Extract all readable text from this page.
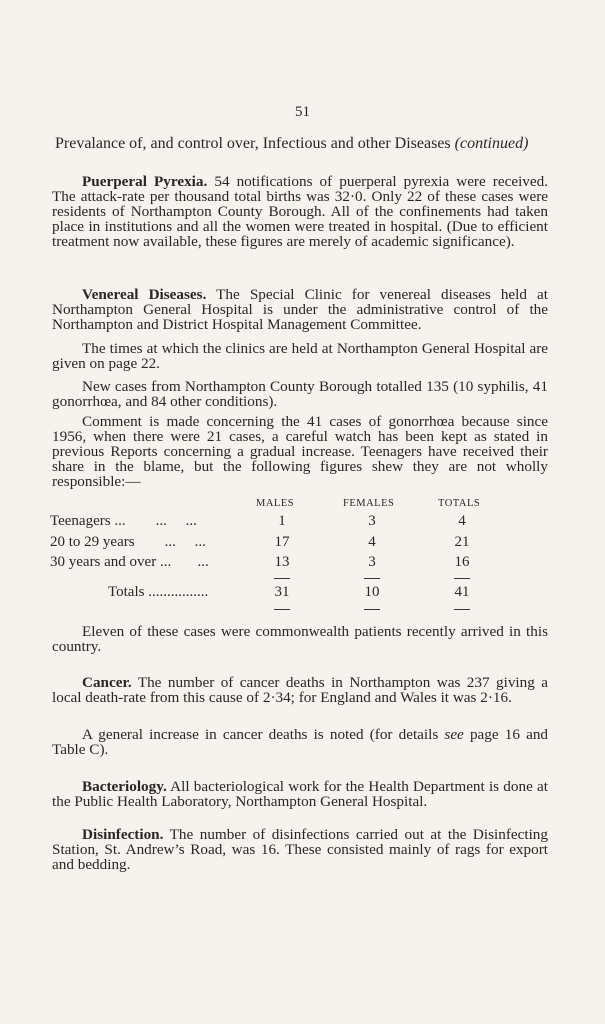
51
Prevalance of, and control over, Infectious and other Diseases (continued)
Puerperal Pyrexia. 54 notifications of puerperal pyrexia were received. The attack-rate per thousand total births was 32·0. Only 22 of these cases were residents of Northampton County Borough. All of the confinements had taken place in institutions and all the women were treated in hospital. (Due to efficient treatment now available, these figures are merely of academic significance).
Venereal Diseases. The Special Clinic for venereal diseases held at Northampton General Hospital is under the administrative control of the Northampton and District Hospital Management Committee.
The times at which the clinics are held at Northampton General Hospital are given on page 22.
New cases from Northampton County Borough totalled 135 (10 syphilis, 41 gonorrhœa, and 84 other conditions).
Comment is made concerning the 41 cases of gonorrhœa because since 1956, when there were 21 cases, a careful watch has been kept as stated in previous Reports concerning a gradual increase. Teenagers have received their share in the blame, but the following figures shew they are not wholly responsible:—
MALES	FEMALES	TOTALS
Teenagers ...        ...     ...	1	3	4
20 to 29 years        ...     ...	17	4	21
30 years and over ...       ...	13	3	16
Totals ................	31	10	41
Eleven of these cases were commonwealth patients recently arrived in this country.
Cancer. The number of cancer deaths in Northampton was 237 giving a local death-rate from this cause of 2·34; for England and Wales it was 2·16.
A general increase in cancer deaths is noted (for details see page 16 and Table C).
Bacteriology. All bacteriological work for the Health Department is done at the Public Health Laboratory, Northampton General Hospital.
Disinfection. The number of disinfections carried out at the Disinfecting Station, St. Andrew’s Road, was 16. These consisted mainly of rags for export and bedding.
